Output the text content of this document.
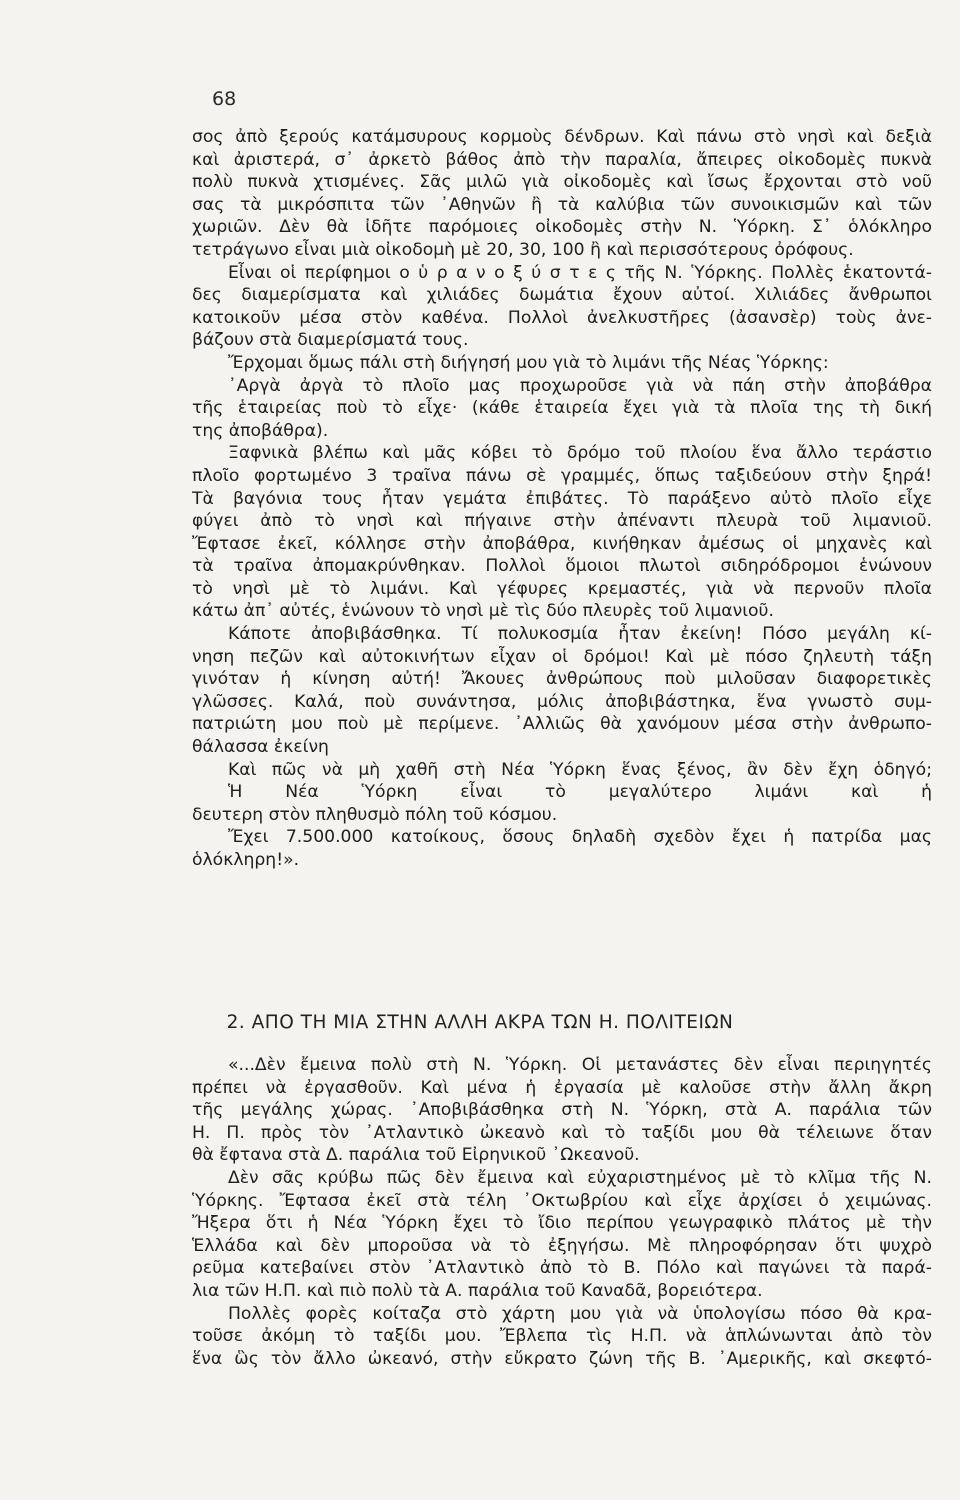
68
σος ἀπὸ ξερούς κατάμσυρους κορμοὺς δένδρων. Καὶ πάνω στὸ νησὶ καὶ δεξιὰ
καὶ ἀριστερά, σ᾽ ἀρκετὸ βάθος ἀπὸ τὴν παραλία, ἄπειρες οἰκοδομὲς πυκνὰ
πολὺ πυκνὰ χτισμένες. Σᾶς μιλῶ γιὰ οἰκοδομὲς καὶ ἴσως ἔρχονται στὸ νοῦ
σας τὰ μικρόσπιτα τῶν ᾿Αθηνῶν ἢ τὰ καλύβια τῶν συνοικισμῶν καὶ τῶν
χωριῶν. Δὲν θὰ ἰδῆτε παρόμοιες οἰκοδομὲς στὴν Ν. Ὑόρκη. Σ᾽ ὁλόκληρο
τετράγωνο εἶναι μιὰ οἰκοδομὴ μὲ 20, 30, 100 ἢ καὶ περισσότερους ὀρόφους.
Εἶναι οἱ περίφημοι ο ὑ ρ α ν ο ξ ύ σ τ ε ς τῆς Ν. Ὑόρκης. Πολλὲς ἑκατοντά-
δες διαμερίσματα καὶ χιλιάδες δωμάτια ἔχουν αὐτοί. Χιλιάδες ἄνθρωποι
κατοικοῦν μέσα στὸν καθένα. Πολλοὶ ἀνελκυστῆρες (ἀσανσὲρ) τοὺς ἀνε-
βάζουν στὰ διαμερίσματά τους.
Ἔρχομαι ὅμως πάλι στὴ διήγησή μου γιὰ τὸ λιμάνι τῆς Νέας Ὑόρκης:
᾿Αργὰ ἀργὰ τὸ πλοῖο μας προχωροῦσε γιὰ νὰ πάη στὴν ἀποβάθρα
τῆς ἑταιρείας ποὺ τὸ εἶχε· (κάθε ἑταιρεία ἔχει γιὰ τὰ πλοῖα της τὴ δική
της ἀποβάθρα).
Ξαφνικὰ βλέπω καὶ μᾶς κόβει τὸ δρόμο τοῦ πλοίου ἕνα ἄλλο τεράστιο
πλοῖο φορτωμένο 3 τραῖνα πάνω σὲ γραμμές, ὅπως ταξιδεύουν στὴν ξηρά!
Τὰ βαγόνια τους ἦταν γεμάτα ἐπιβάτες. Τὸ παράξενο αὐτὸ πλοῖο εἶχε
φύγει ἀπὸ τὸ νησὶ καὶ πήγαινε στὴν ἀπέναντι πλευρὰ τοῦ λιμανιοῦ.
Ἔφτασε ἐκεῖ, κόλλησε στὴν ἀποβάθρα, κινήθηκαν ἀμέσως οἱ μηχανὲς καὶ
τὰ τραῖνα ἀπομακρύνθηκαν. Πολλοὶ ὅμοιοι πλωτοὶ σιδηρόδρομοι ἑνώνουν
τὸ νησὶ μὲ τὸ λιμάνι. Καὶ γέφυρες κρεμαστές, γιὰ νὰ περνοῦν πλοῖα
κάτω ἀπ᾽ αὐτές, ἑνώνουν τὸ νησὶ μὲ τὶς δύο πλευρὲς τοῦ λιμανιοῦ.
Κάποτε ἀποβιβάσθηκα. Τί πολυκοσμία ἦταν ἐκείνη! Πόσο μεγάλη κί-
νηση πεζῶν καὶ αὐτοκινήτων εἶχαν οἱ δρόμοι! Καὶ μὲ πόσο ζηλευτὴ τάξη
γινόταν ἡ κίνηση αὐτή! Ἄκουες ἀνθρώπους ποὺ μιλοῦσαν διαφορετικὲς
γλῶσσες. Καλά, ποὺ συνάντησα, μόλις ἀποβιβάστηκα, ἕνα γνωστὸ συμ-
πατριώτη μου ποὺ μὲ περίμενε. ᾿Αλλιῶς θὰ χανόμουν μέσα στὴν ἀνθρωπο-
θάλασσα ἐκείνη
Καὶ πῶς νὰ μὴ χαθῆ στὴ Νέα Ὑόρκη ἕνας ξένος, ἂν δὲν ἔχη ὁδηγό;
Ἡ Νέα Ὑόρκη εἶναι τὸ μεγαλύτερο λιμάνι καὶ ἡ
δευτερη στὸν πληθυσμὸ πόλη τοῦ κόσμου.
Ἔχει 7.500.000 κατοίκους, ὅσους δηλαδὴ σχεδὸν ἔχει ἡ πατρίδα μας
ὁλόκληρη!».
2. ΑΠΟ ΤΗ ΜΙΑ ΣΤΗΝ ΑΛΛΗ ΑΚΡΑ ΤΩΝ Η. ΠΟΛΙΤΕΙΩΝ
«...Δὲν ἔμεινα πολὺ στὴ Ν. Ὑόρκη. Οἱ μετανάστες δὲν εἶναι περιηγητές
πρέπει νὰ ἐργασθοῦν. Καὶ μένα ἡ ἐργασία μὲ καλοῦσε στὴν ἄλλη ἄκρη
τῆς μεγάλης χώρας. ᾿Αποβιβάσθηκα στὴ Ν. Ὑόρκη, στὰ Α. παράλια τῶν
Η. Π. πρὸς τὸν ᾿Ατλαντικὸ ὠκεανὸ καὶ τὸ ταξίδι μου θὰ τέλειωνε ὅταν
θὰ ἔφτανα στὰ Δ. παράλια τοῦ Εἰρηνικοῦ ᾿Ωκεανοῦ.
Δὲν σᾶς κρύβω πῶς δὲν ἔμεινα καὶ εὐχαριστημένος μὲ τὸ κλῖμα τῆς Ν.
Ὑόρκης. Ἔφτασα ἐκεῖ στὰ τέλη ᾿Οκτωβρίου καὶ εἶχε ἀρχίσει ὁ χειμώνας.
Ἤξερα ὅτι ἡ Νέα Ὑόρκη ἔχει τὸ ἴδιο περίπου γεωγραφικὸ πλάτος μὲ τὴν
Ἑλλάδα καὶ δὲν μποροῦσα νὰ τὸ ἐξηγήσω. Μὲ πληροφόρησαν ὅτι ψυχρὸ
ρεῦμα κατεβαίνει στὸν ᾿Ατλαντικὸ ἀπὸ τὸ Β. Πόλο καὶ παγώνει τὰ παρά-
λια τῶν Η.Π. καὶ πιὸ πολὺ τὰ Α. παράλια τοῦ Καναδᾶ, βορειότερα.
Πολλὲς φορὲς κοίταζα στὸ χάρτη μου γιὰ νὰ ὑπολογίσω πόσο θὰ κρα-
τοῦσε ἀκόμη τὸ ταξίδι μου. Ἔβλεπα τὶς Η.Π. νὰ ἁπλώνωνται ἀπὸ τὸν
ἕνα ὣς τὸν ἄλλο ὠκεανό, στὴν εὔκρατο ζώνη τῆς Β. ᾿Αμερικῆς, καὶ σκεφτό-
